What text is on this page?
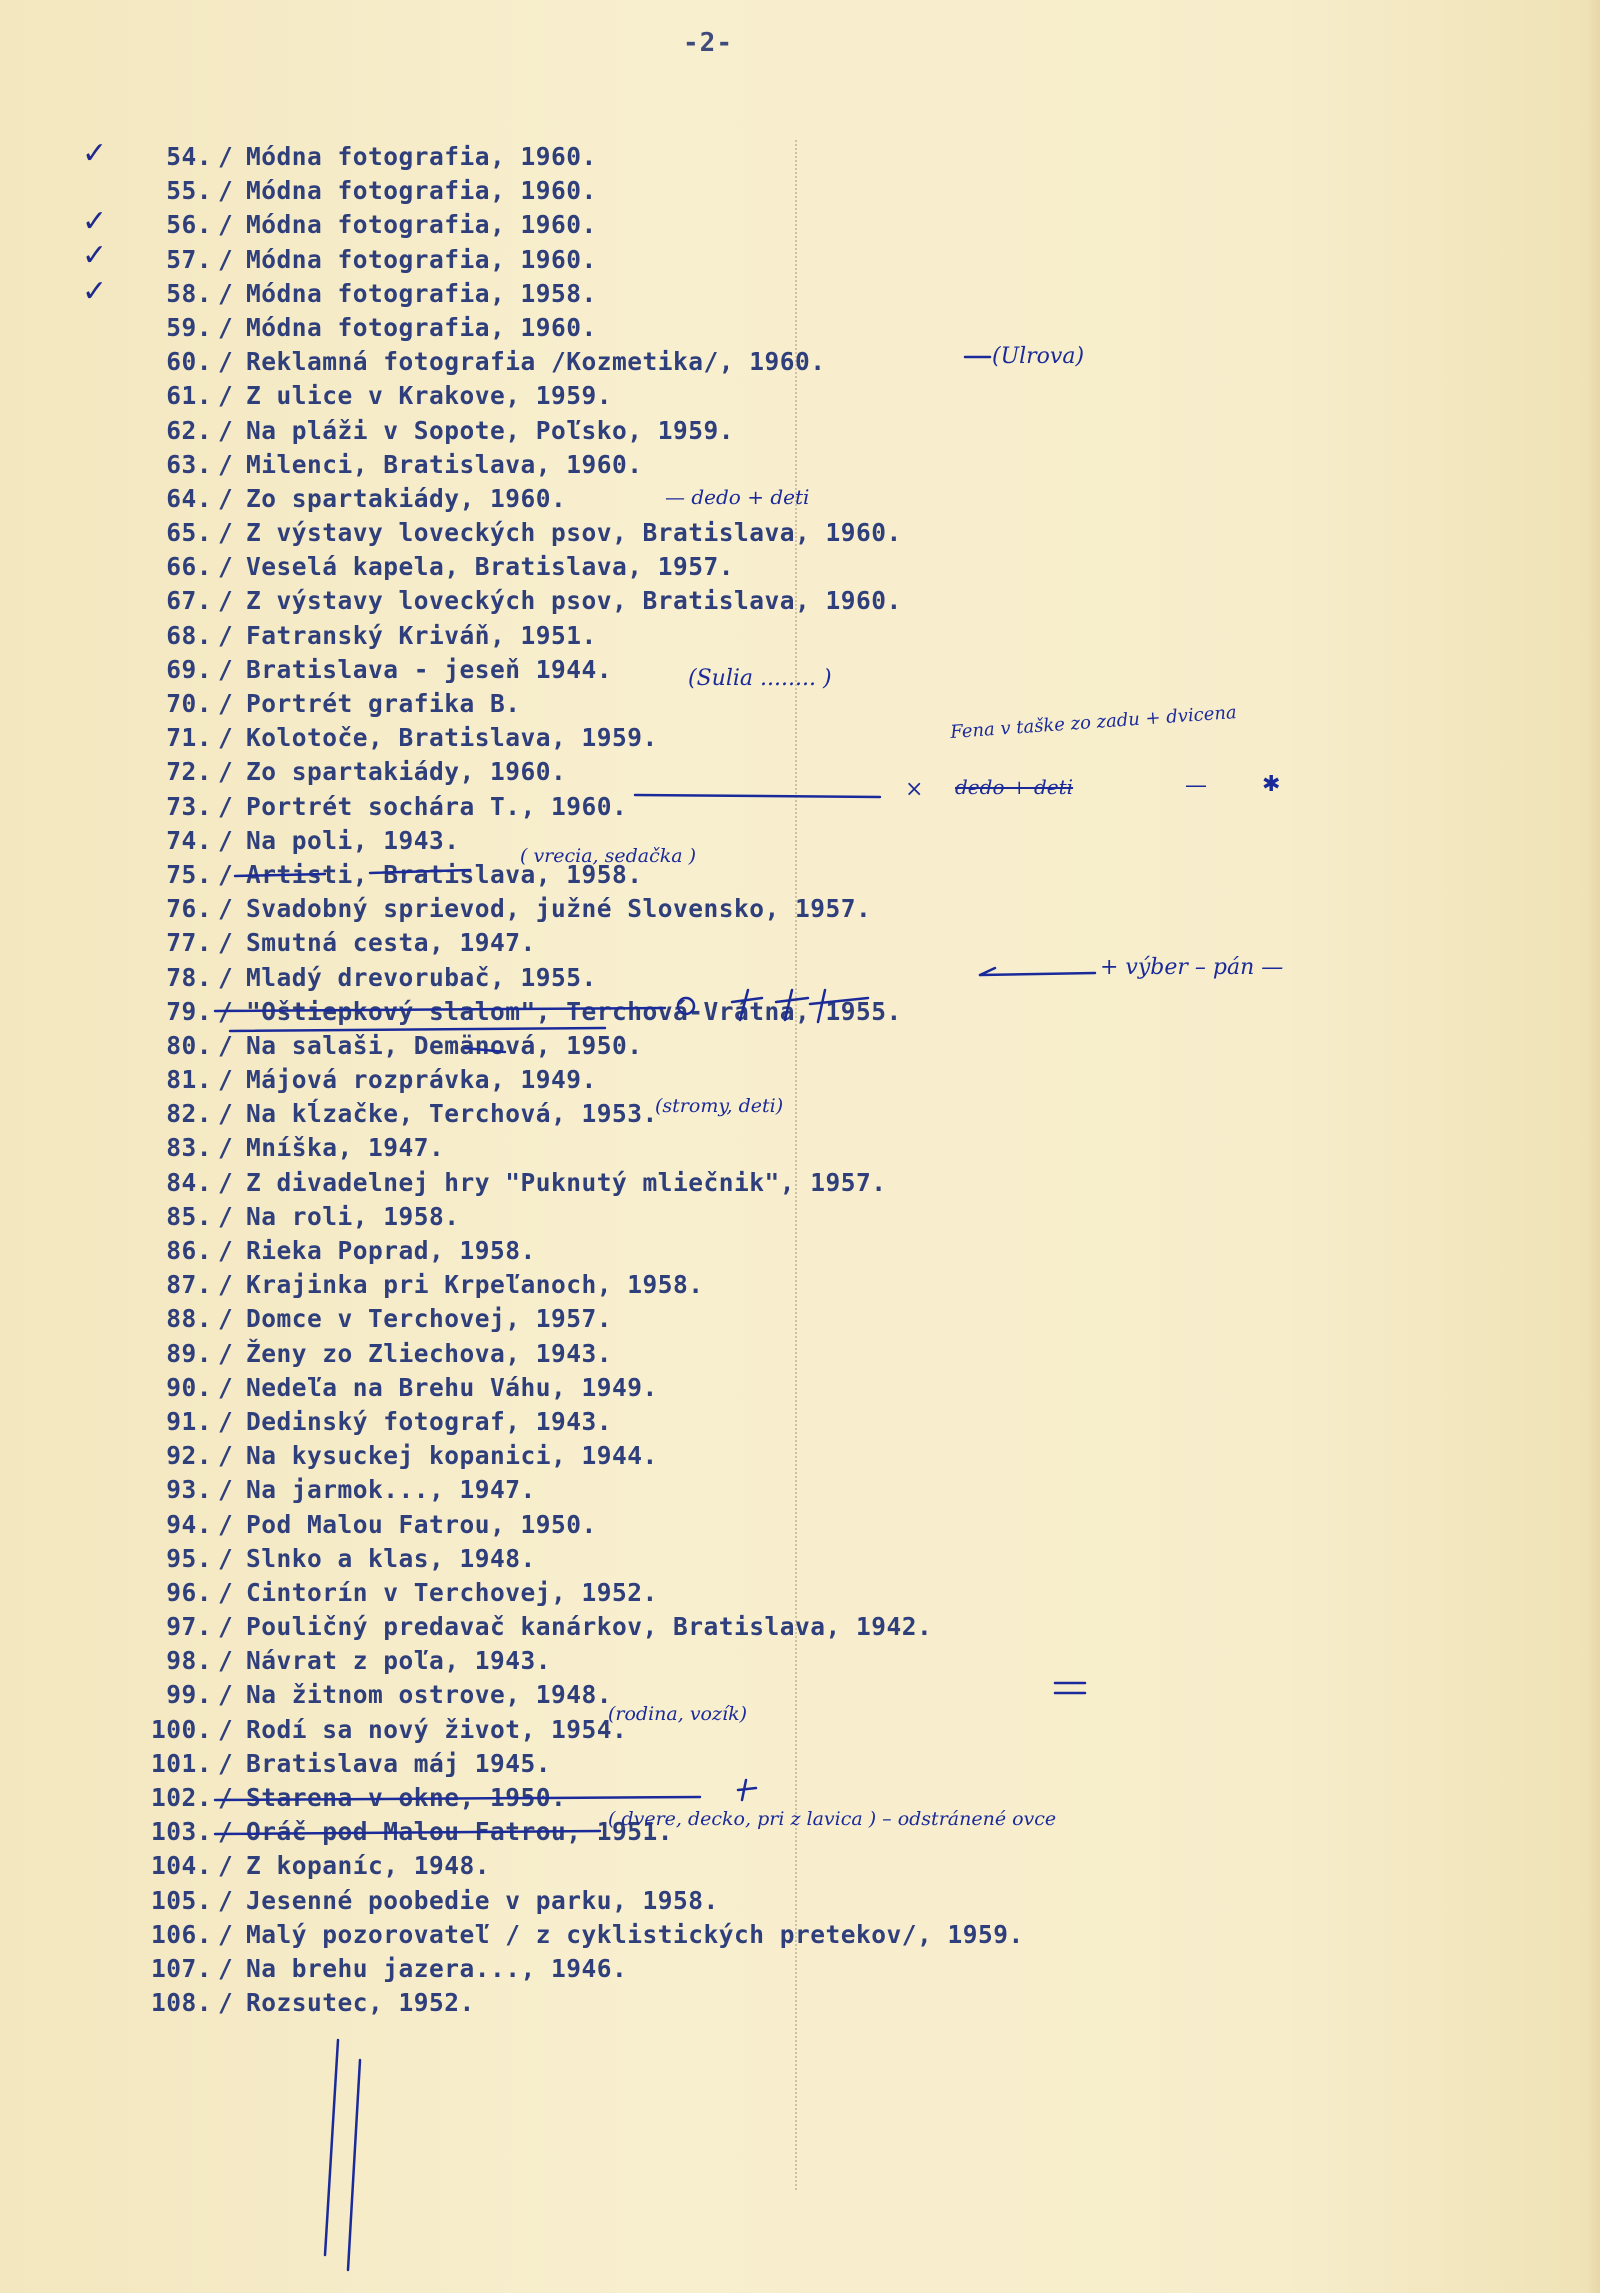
-2-
✓
✓
✓
✓
54. / Módna fotografia, 1960.
55. / Módna fotografia, 1960.
56. / Módna fotografia, 1960.
57. / Módna fotografia, 1960.
58. / Módna fotografia, 1958.
59. / Módna fotografia, 1960.
60. / Reklamná fotografia /Kozmetika/, 1960.
61. / Z ulice v Krakove, 1959.
62. / Na pláži v Sopote, Poľsko, 1959.
63. / Milenci, Bratislava, 1960.
64. / Zo spartakiády, 1960.
65. / Z výstavy loveckých psov, Bratislava, 1960.
66. / Veselá kapela, Bratislava, 1957.
67. / Z výstavy loveckých psov, Bratislava, 1960.
68. / Fatranský Kriváň, 1951.
69. / Bratislava - jeseň 1944.
70. / Portrét grafika B.
71. / Kolotoče, Bratislava, 1959.
72. / Zo spartakiády, 1960.
73. / Portrét sochára T., 1960.
74. / Na poli, 1943.
75. / Artisti, Bratislava, 1958.
76. / Svadobný sprievod, južné Slovensko, 1957.
77. / Smutná cesta, 1947.
78. / Mladý drevorubač, 1955.
79. / "Oštiepkový slalom", Terchová-Vrátna, 1955.
80. / Na salaši, Demänová, 1950.
81. / Májová rozprávka, 1949.
82. / Na kĺzačke, Terchová, 1953.
83. / Mníška, 1947.
84. / Z divadelnej hry "Puknutý mliečnik", 1957.
85. / Na roli, 1958.
86. / Rieka Poprad, 1958.
87. / Krajinka pri Krpeľanoch, 1958.
88. / Domce v Terchovej, 1957.
89. / Ženy zo Zliechova, 1943.
90. / Nedeľa na Brehu Váhu, 1949.
91. / Dedinský fotograf, 1943.
92. / Na kysuckej kopanici, 1944.
93. / Na jarmok..., 1947.
94. / Pod Malou Fatrou, 1950.
95. / Slnko a klas, 1948.
96. / Cintorín v Terchovej, 1952.
97. / Pouličný predavač kanárkov, Bratislava, 1942.
98. / Návrat z poľa, 1943.
99. / Na žitnom ostrove, 1948.
100. / Rodí sa nový život, 1954.
101. / Bratislava máj 1945.
102. / Starena v okne, 1950.
103. / Oráč pod Malou Fatrou, 1951.
104. / Z kopaníc, 1948.
105. / Jesenné poobedie v parku, 1958.
106. / Malý pozorovateľ / z cyklistických pretekov/, 1959.
107. / Na brehu jazera..., 1946.
108. / Rozsutec, 1952.
(Ulrova)
— dedo + deti
(Sulia ........ )
Fena v taške zo zadu + dvicena
× dedo + deti	—	✱
( vrecia, sedačka )
+ výber – pán —
(stromy, deti)
(rodina, vozík)
( dvere, decko, pri z lavica ) – odstránené ovce
